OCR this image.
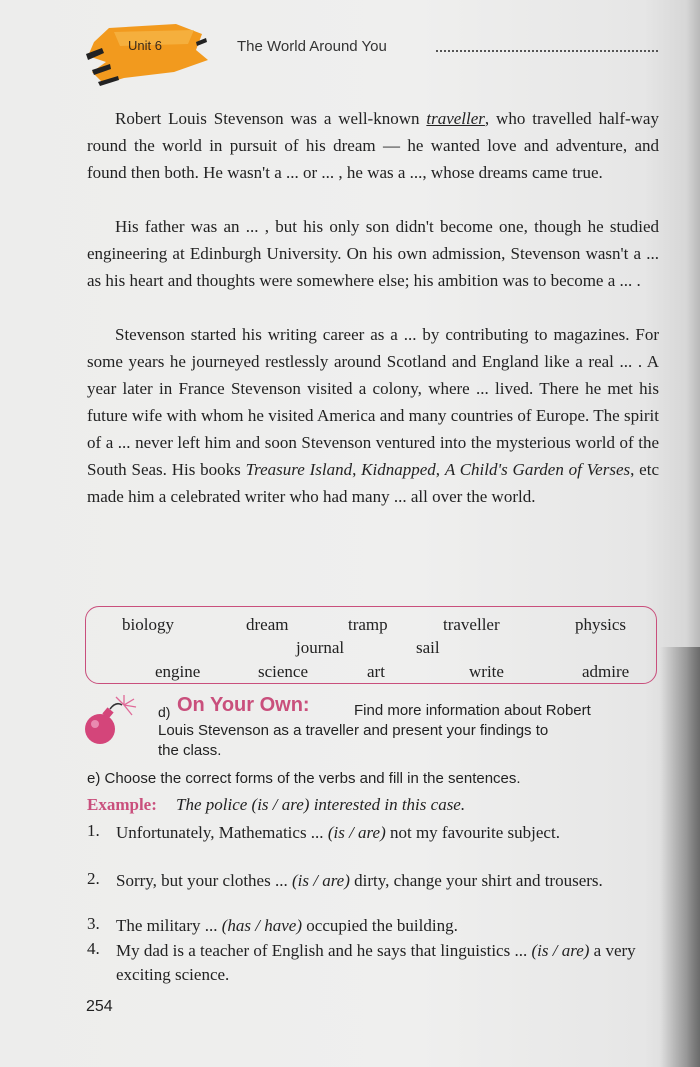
Unit 6	The World Around You

Robert Louis Stevenson was a well-known traveller, who travelled half-way round the world in pursuit of his dream — he wanted love and adventure, and found then both. He wasn't a ... or ... , he was a ..., whose dreams came true.

His father was an ... , but his only son didn't become one, though he studied engineering at Edinburgh University. On his own admission, Stevenson wasn't a ... as his heart and thoughts were somewhere else; his ambition was to become a ... .

Stevenson started his writing career as a ... by contributing to magazines. For some years he journeyed restlessly around Scotland and England like a real ... . A year later in France Stevenson visited a colony, where ... lived. There he met his future wife with whom he visited America and many countries of Europe. The spirit of a ... never left him and soon Stevenson ventured into the mysterious world of the South Seas. His books Treasure Island, Kidnapped, A Child's Garden of Verses, etc made him a celebrated writer who had many ... all over the world.

biology	dream	tramp	traveller	physics
journal	sail
engine	science	art	write	admire
d) On Your Own:	Find more information about Robert
Louis Stevenson as a traveller and present your findings to
the class.
e) Choose the correct forms of the verbs and fill in the sentences.
Example: The police (is / are) interested in this case.
1. Unfortunately, Mathematics ... (is / are) not my favourite subject.

2. Sorry, but your clothes ... (is / are) dirty, change your shirt and trousers.

3. The military ... (has / have) occupied the building.

4. My dad is a teacher of English and he says that linguistics ... (is / are) a very exciting science.

254
